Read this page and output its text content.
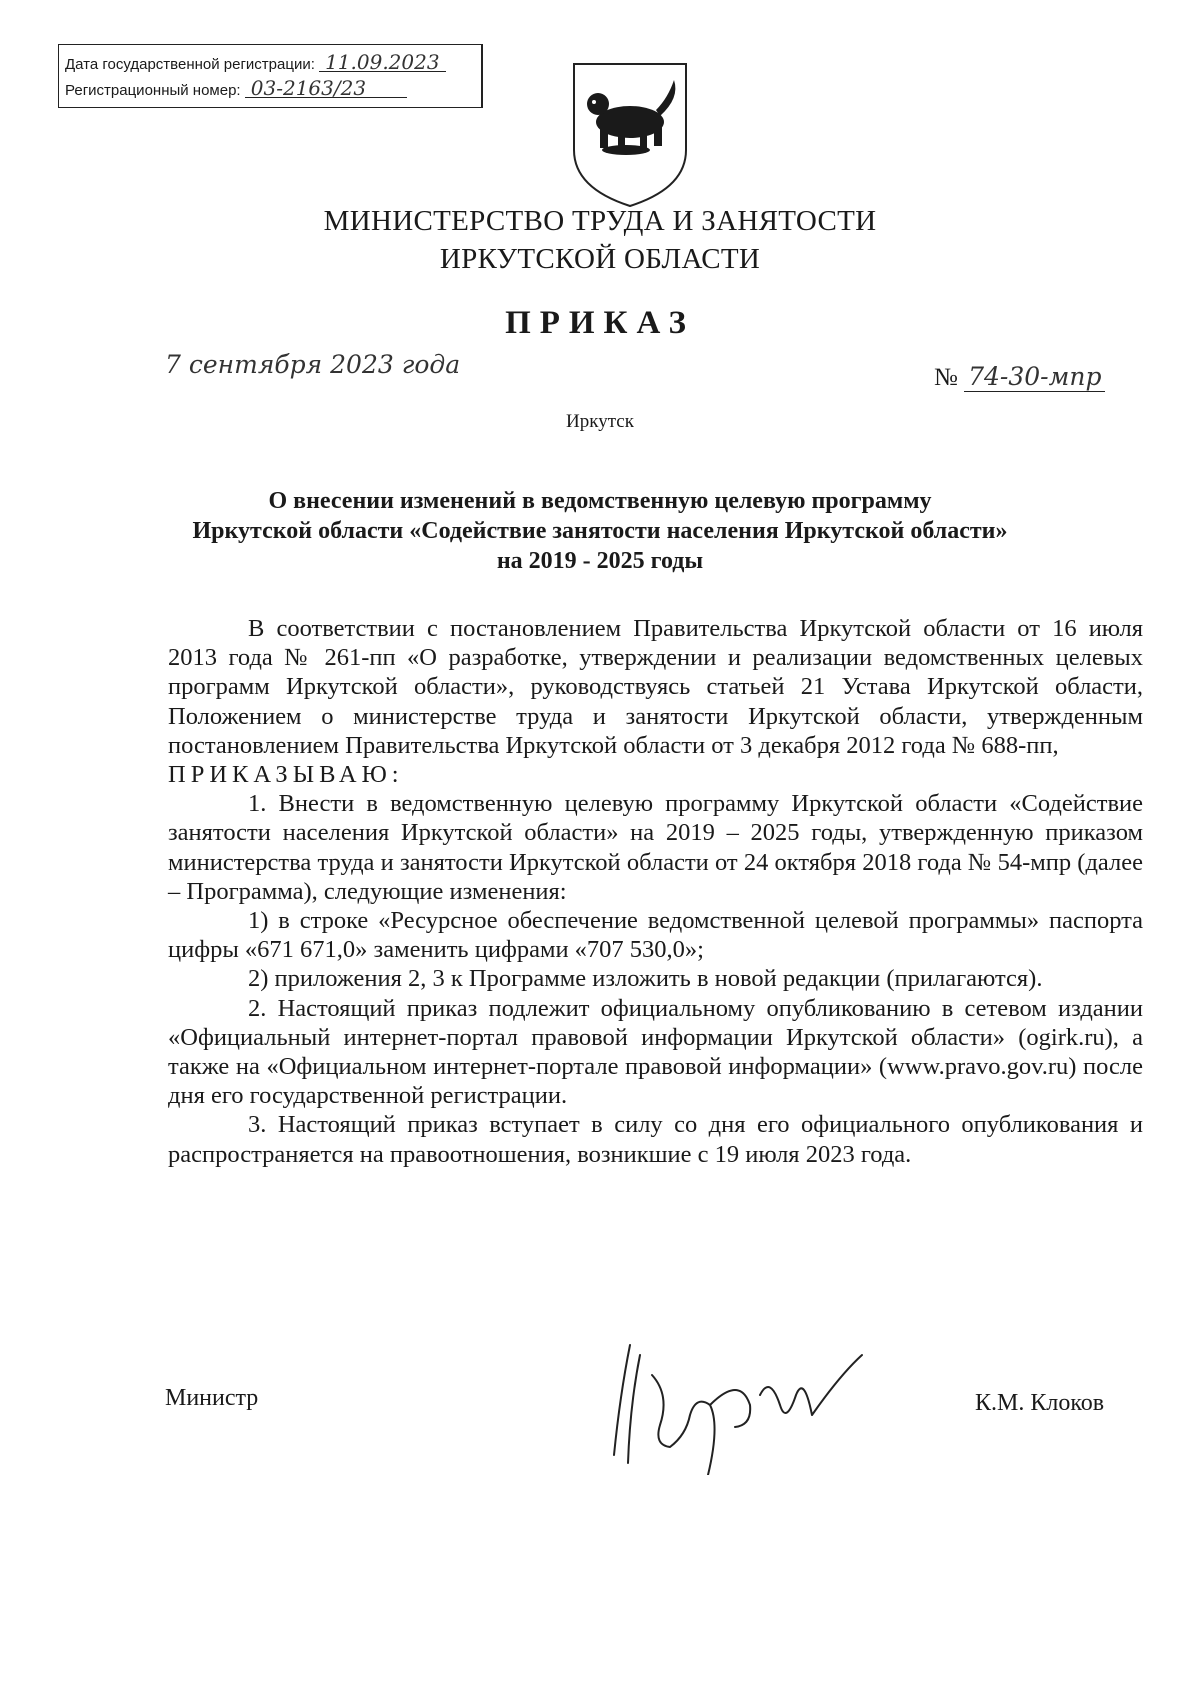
Дата государственной регистрации: 11.09.2023
Регистрационный номер: 03-2163/23
МИНИСТЕРСТВО ТРУДА И ЗАНЯТОСТИ
ИРКУТСКОЙ ОБЛАСТИ
ПРИКАЗ
7 сентября 2023 года	№ 74-30-мпр
Иркутск
О внесении изменений в ведомственную целевую программу
Иркутской области «Содействие занятости населения Иркутской области»
на 2019 - 2025 годы

В соответствии с постановлением Правительства Иркутской области от 16 июля 2013 года № 261-пп «О разработке, утверждении и реализации ведомственных целевых программ Иркутской области», руководствуясь статьей 21 Устава Иркутской области, Положением о министерстве труда и занятости Иркутской области, утвержденным постановлением Правительства Иркутской области от 3 декабря 2012 года № 688-пп,

ПРИКАЗЫВАЮ:

1. Внести в ведомственную целевую программу Иркутской области «Содействие занятости населения Иркутской области» на 2019 – 2025 годы, утвержденную приказом министерства труда и занятости Иркутской области от 24 октября 2018 года № 54-мпр (далее – Программа), следующие изменения:

1) в строке «Ресурсное обеспечение ведомственной целевой программы» паспорта цифры «671 671,0» заменить цифрами «707 530,0»;

2) приложения 2, 3 к Программе изложить в новой редакции (прилагаются).

2. Настоящий приказ подлежит официальному опубликованию в сетевом издании «Официальный интернет-портал правовой информации Иркутской области» (ogirk.ru), а также на «Официальном интернет-портале правовой информации» (www.pravo.gov.ru) после дня его государственной регистрации.

3. Настоящий приказ вступает в силу со дня его официального опубликования и распространяется на правоотношения, возникшие с 19 июля 2023 года.

Министр	К.М. Клоков
